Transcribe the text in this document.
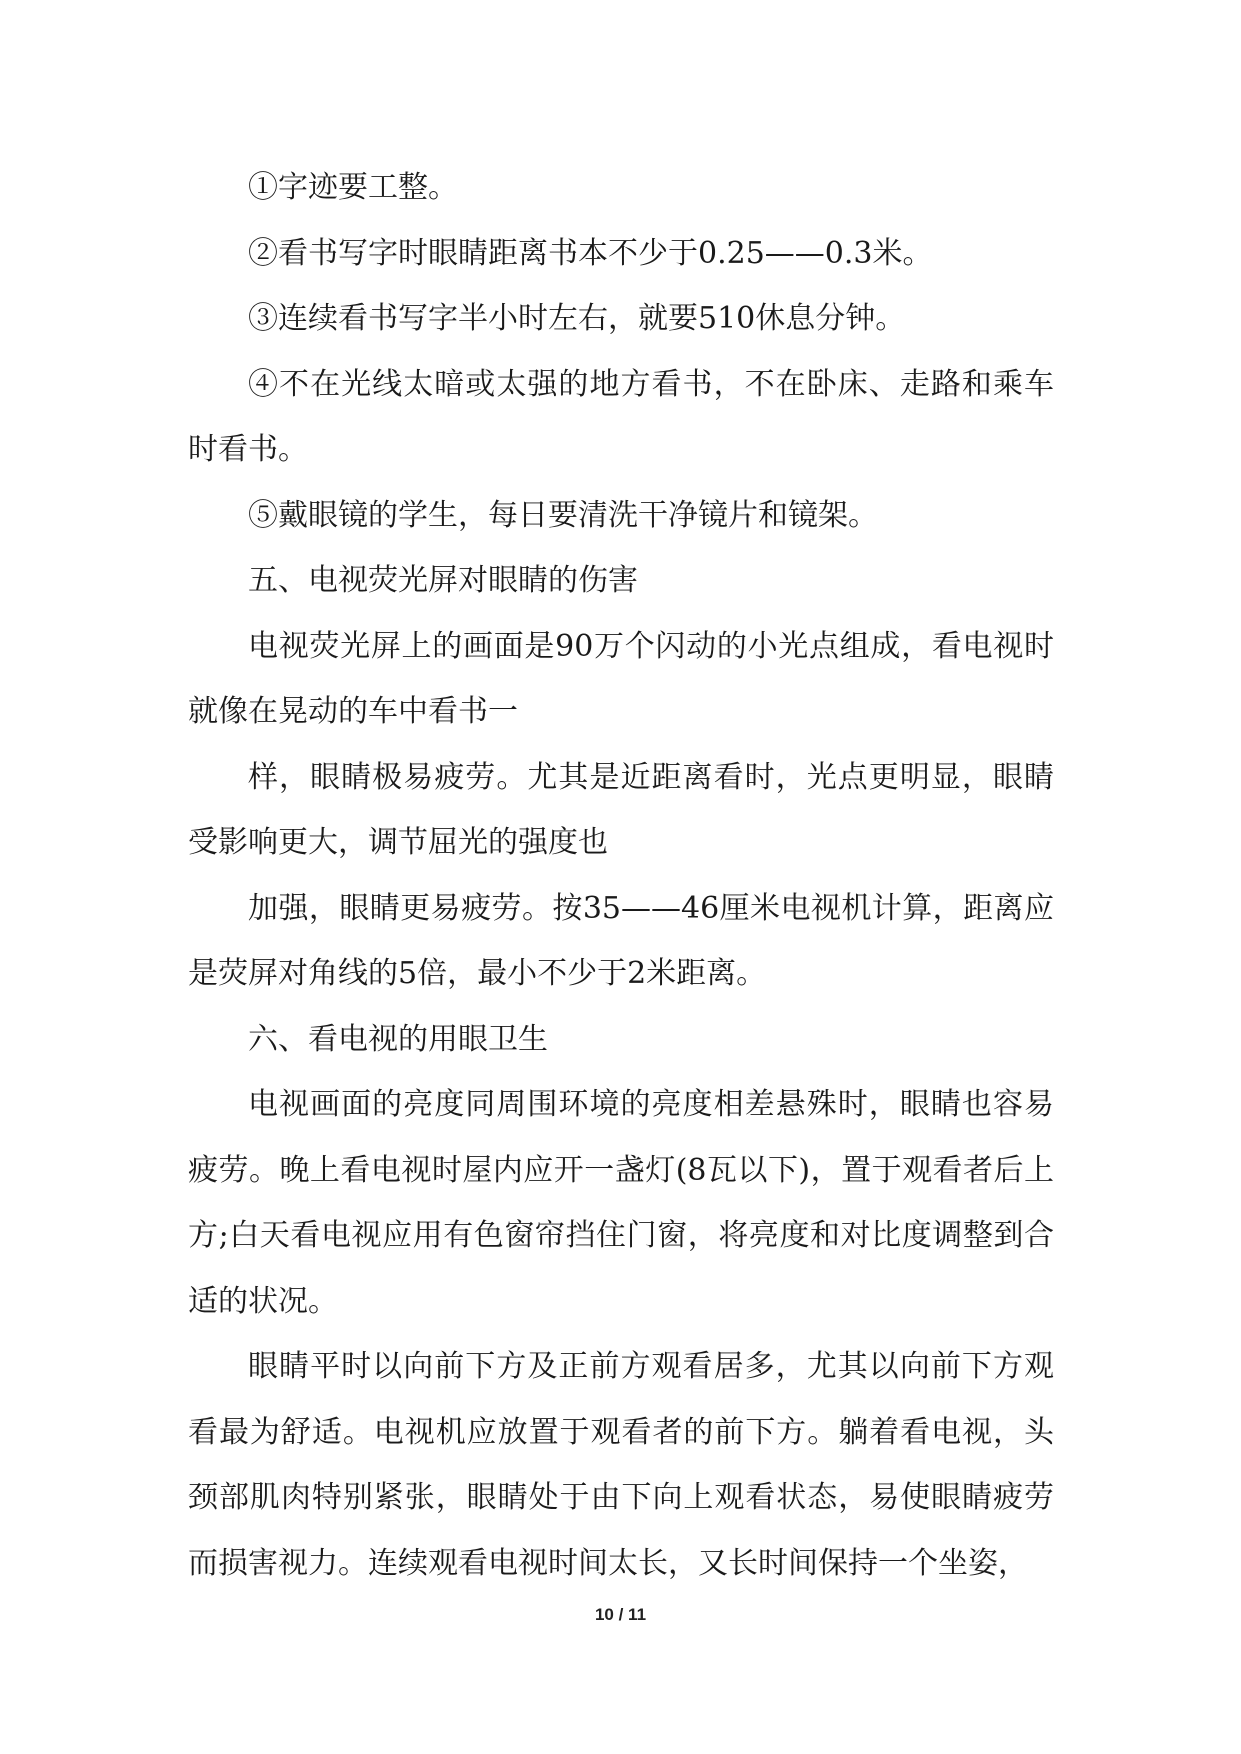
①字迹要工整。

②看书写字时眼睛距离书本不少于0.25——0.3米。

③连续看书写字半小时左右，就要510休息分钟。

④不在光线太暗或太强的地方看书，不在卧床、走路和乘车时看书。

⑤戴眼镜的学生，每日要清洗干净镜片和镜架。

五、电视荧光屏对眼睛的伤害

电视荧光屏上的画面是90万个闪动的小光点组成，看电视时就像在晃动的车中看书一

样，眼睛极易疲劳。尤其是近距离看时，光点更明显，眼睛受影响更大，调节屈光的强度也

加强，眼睛更易疲劳。按35——46厘米电视机计算，距离应是荧屏对角线的5倍，最小不少于2米距离。

六、看电视的用眼卫生

电视画面的亮度同周围环境的亮度相差悬殊时，眼睛也容易疲劳。晚上看电视时屋内应开一盏灯(8瓦以下)，置于观看者后上方;白天看电视应用有色窗帘挡住门窗，将亮度和对比度调整到合适的状况。

眼睛平时以向前下方及正前方观看居多，尤其以向前下方观看最为舒适。电视机应放置于观看者的前下方。躺着看电视，头颈部肌肉特别紧张，眼睛处于由下向上观看状态，易使眼睛疲劳而损害视力。连续观看电视时间太长，又长时间保持一个坐姿，

10 / 11
